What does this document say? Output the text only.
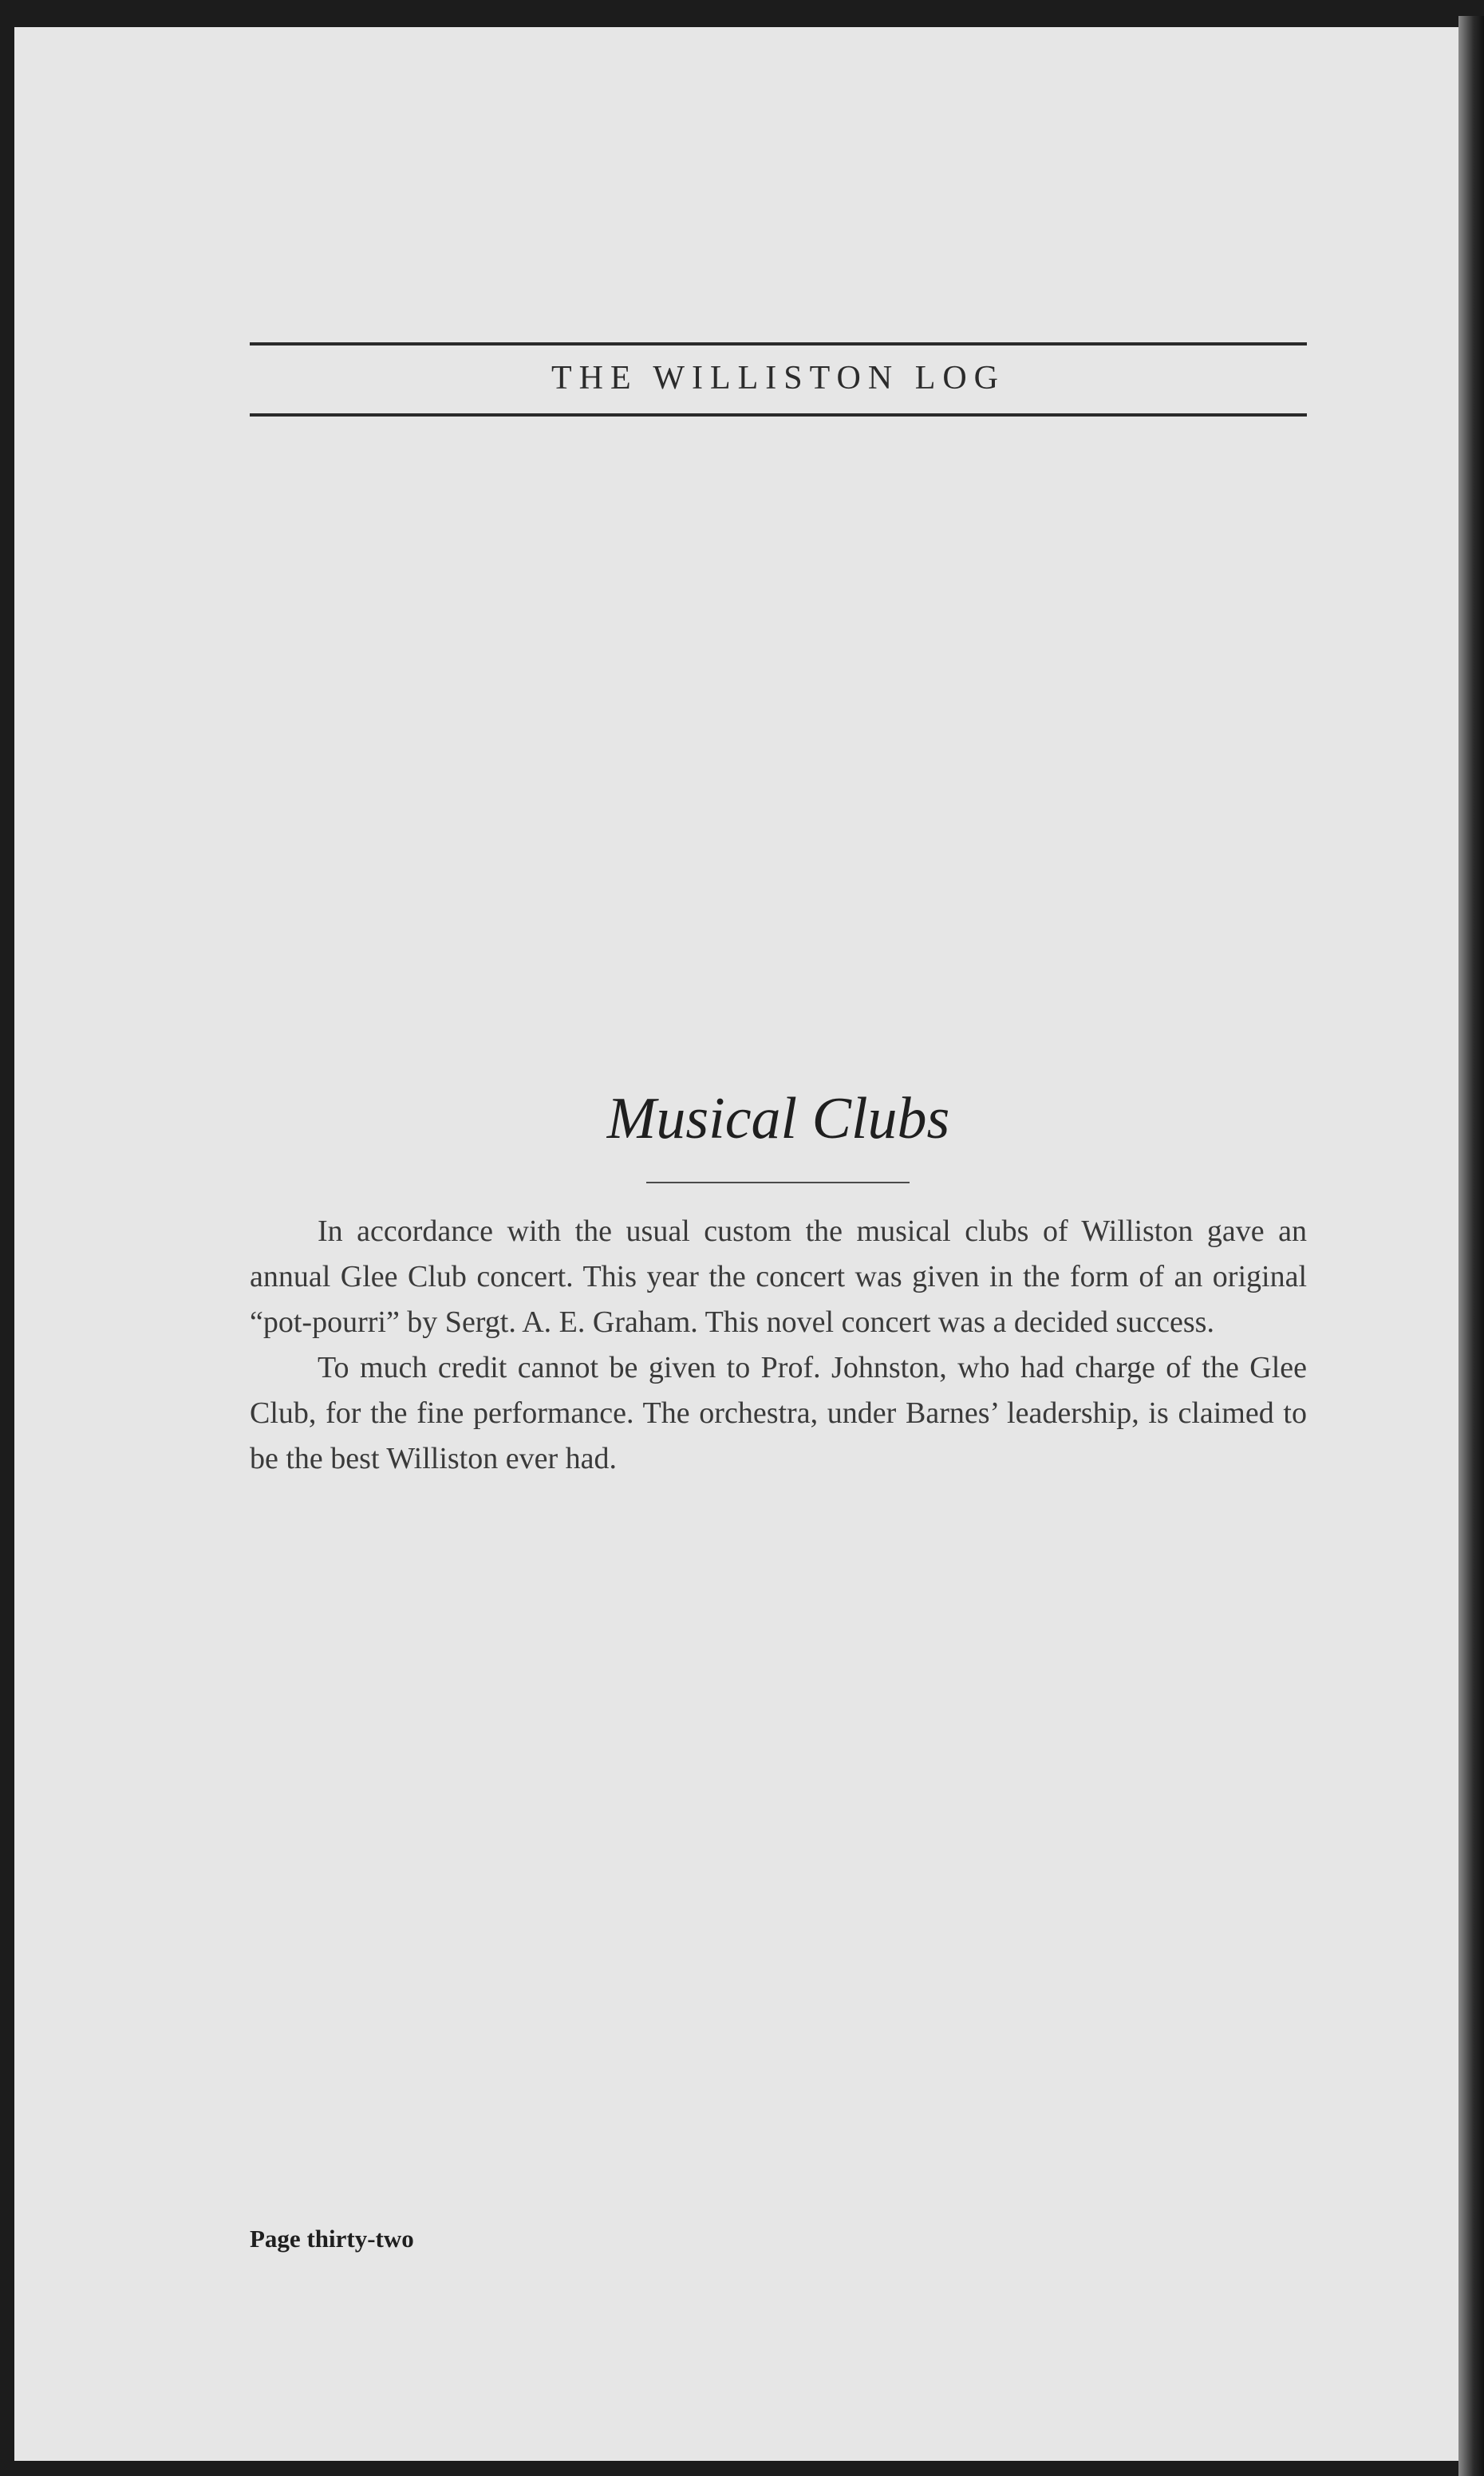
THE WILLISTON LOG
Musical Clubs

In accordance with the usual custom the musical clubs of Williston gave an annual Glee Club concert. This year the concert was given in the form of an original “pot-pourri” by Sergt. A. E. Graham. This novel concert was a decided success.

To much credit cannot be given to Prof. Johnston, who had charge of the Glee Club, for the fine performance. The orchestra, under Barnes’ leadership, is claimed to be the best Williston ever had.

Page thirty-two
